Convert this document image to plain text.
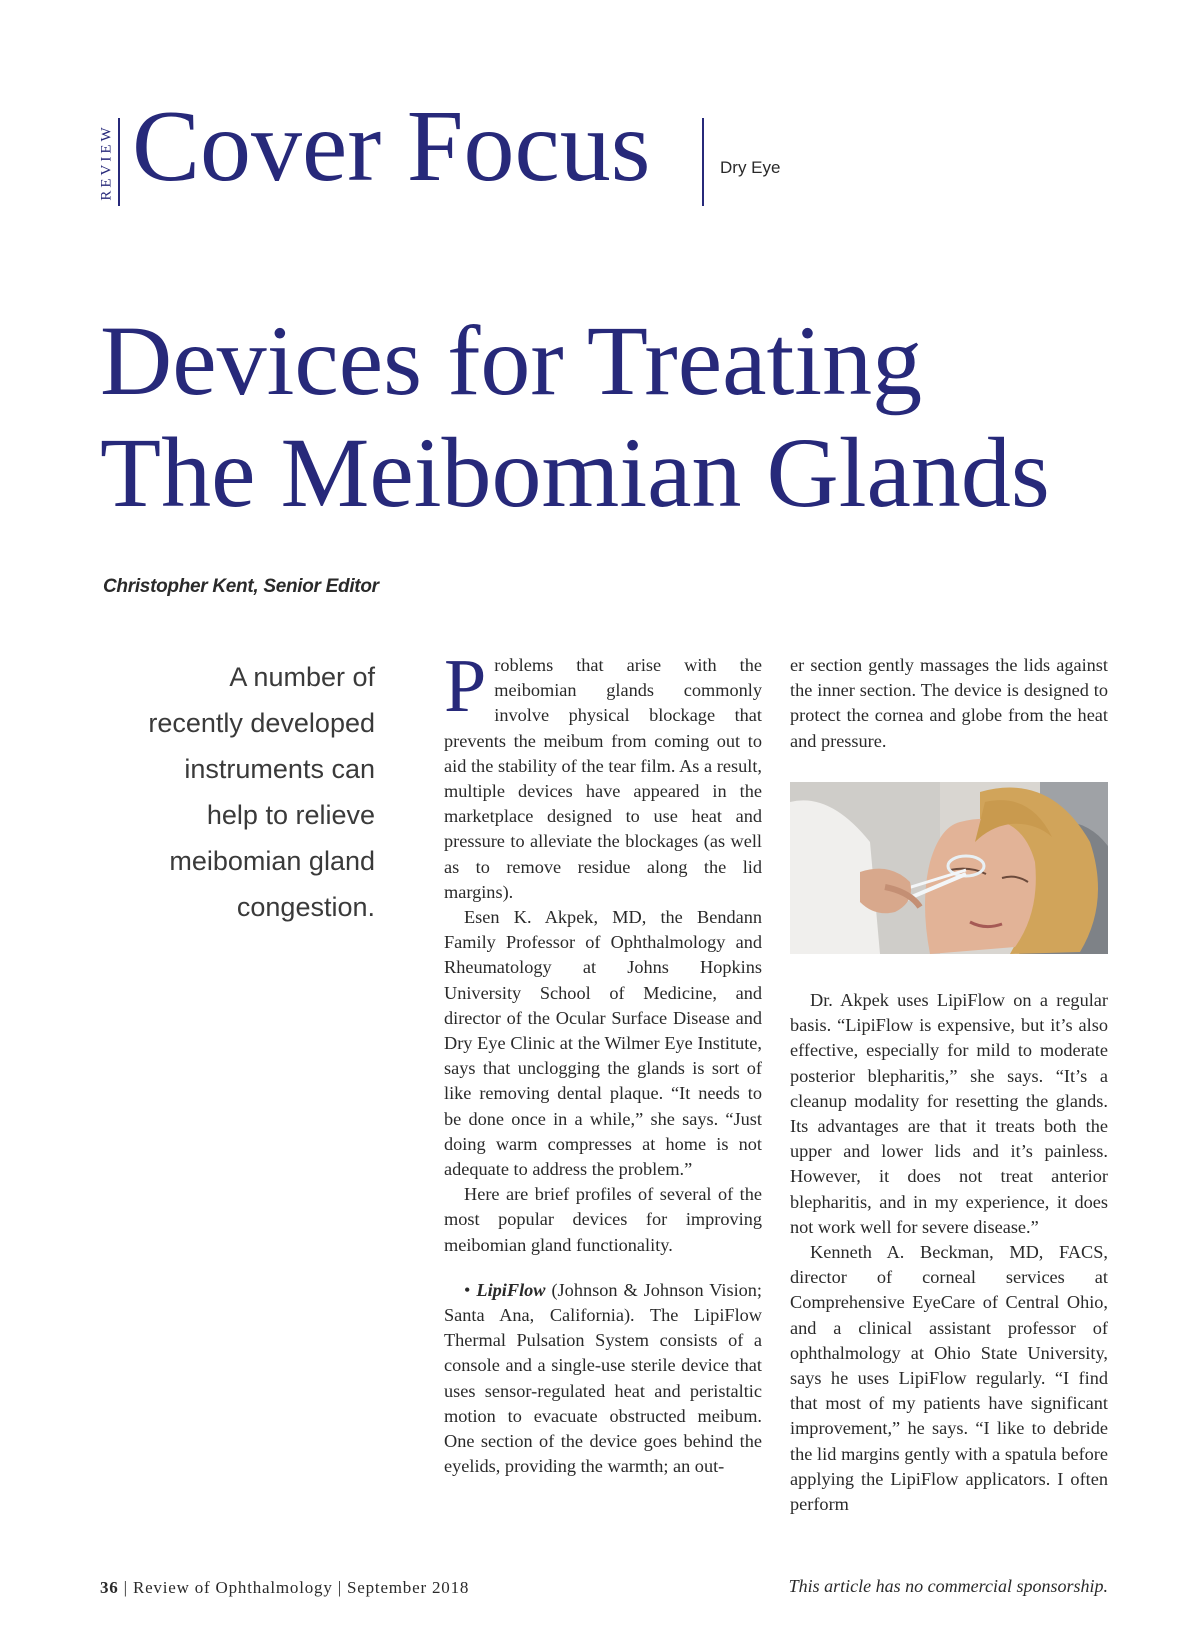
REVIEW Cover Focus	Dry Eye
Devices for Treating
The Meibomian Glands
Christopher Kent, Senior Editor
A number of recently developed instruments can help to relieve meibomian gland congestion.

Problems that arise with the meibomian glands commonly involve physical blockage that prevents the meibum from coming out to aid the stability of the tear film. As a result, multiple devices have appeared in the marketplace designed to use heat and pressure to alleviate the blockages (as well as to remove residue along the lid margins).

Esen K. Akpek, MD, the Bendann Family Professor of Ophthalmology and Rheumatology at Johns Hopkins University School of Medicine, and director of the Ocular Surface Disease and Dry Eye Clinic at the Wilmer Eye Institute, says that unclogging the glands is sort of like removing dental plaque. “It needs to be done once in a while,” she says. “Just doing warm compresses at home is not adequate to address the problem.”

Here are brief profiles of several of the most popular devices for improving meibomian gland functionality.

• LipiFlow (Johnson & Johnson Vision; Santa Ana, California). The LipiFlow Thermal Pulsation System consists of a console and a single-use sterile device that uses sensor-regulated heat and peristaltic motion to evacuate obstructed meibum. One section of the device goes behind the eyelids, providing the warmth; an out-

er section gently massages the lids against the inner section. The device is designed to protect the cornea and globe from the heat and pressure.

Dr. Akpek uses LipiFlow on a regular basis. “LipiFlow is expensive, but it’s also effective, especially for mild to moderate posterior blepharitis,” she says. “It’s a cleanup modality for resetting the glands. Its advantages are that it treats both the upper and lower lids and it’s painless. However, it does not treat anterior blepharitis, and in my experience, it does not work well for severe disease.”

Kenneth A. Beckman, MD, FACS, director of corneal services at Comprehensive EyeCare of Central Ohio, and a clinical assistant professor of ophthalmology at Ohio State University, says he uses LipiFlow regularly. “I find that most of my patients have significant improvement,” he says. “I like to debride the lid margins gently with a spatula before applying the LipiFlow applicators. I often perform

36 | Review of Ophthalmology | September 2018	This article has no commercial sponsorship.
